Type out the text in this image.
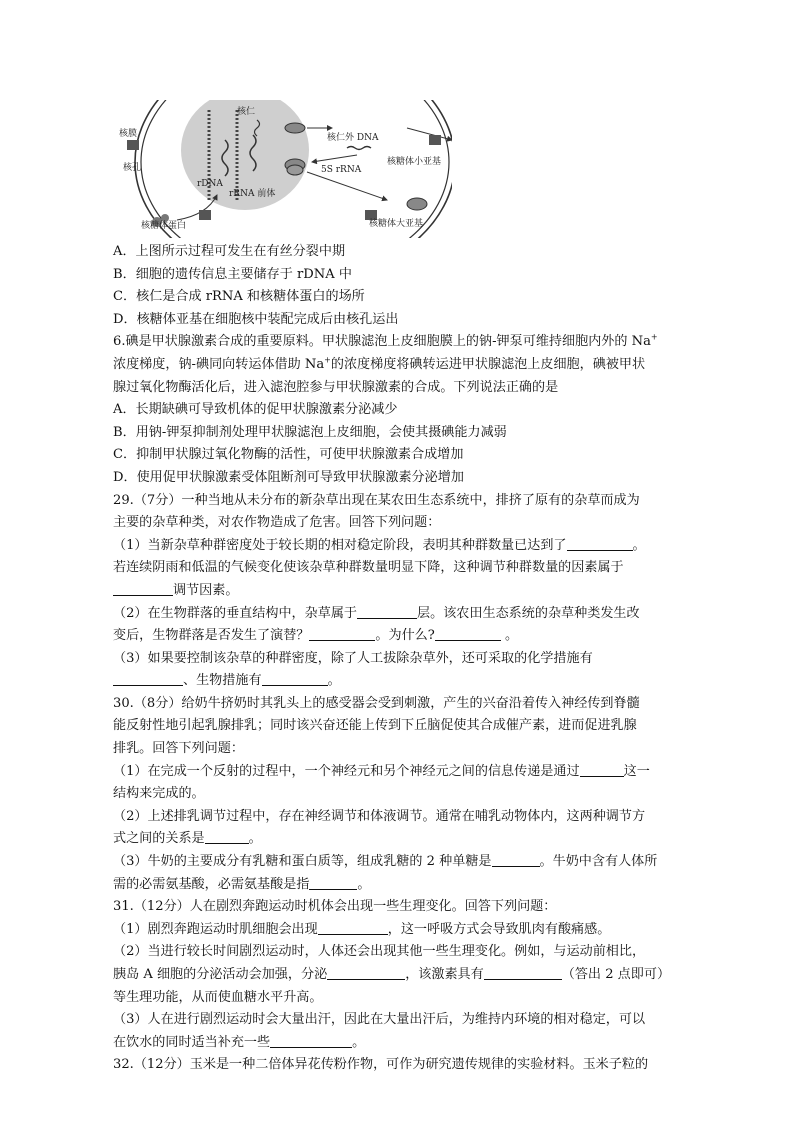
核仁
核膜
核孔
rDNA
rRNA 前体
核仁外 DNA
5S rRNA
核糖体小亚基
核糖体大亚基
核糖体蛋白
A．上图所示过程可发生在有丝分裂中期
B．细胞的遗传信息主要储存于 rDNA 中
C．核仁是合成 rRNA 和核糖体蛋白的场所
D．核糖体亚基在细胞核中装配完成后由核孔运出
6.碘是甲状腺激素合成的重要原料。甲状腺滤泡上皮细胞膜上的钠-钾泵可维持细胞内外的 Na+
浓度梯度，钠-碘同向转运体借助 Na+的浓度梯度将碘转运进甲状腺滤泡上皮细胞，碘被甲状
腺过氧化物酶活化后，进入滤泡腔参与甲状腺激素的合成。下列说法正确的是
A．长期缺碘可导致机体的促甲状腺激素分泌减少
B．用钠-钾泵抑制剂处理甲状腺滤泡上皮细胞，会使其摄碘能力减弱
C．抑制甲状腺过氧化物酶的活性，可使甲状腺激素合成增加
D．使用促甲状腺激素受体阻断剂可导致甲状腺激素分泌增加
29.（7分）一种当地从未分布的新杂草出现在某农田生态系统中，排挤了原有的杂草而成为
主要的杂草种类，对农作物造成了危害。回答下列问题：
（1）当新杂草种群密度处于较长期的相对稳定阶段，表明其种群数量已达到了	。
若连续阴雨和低温的气候变化使该杂草种群数量明显下降，这种调节种群数量的因素属于
调节因素。
（2）在生物群落的垂直结构中，杂草属于	层。该农田生态系统的杂草种类发生改
变后，生物群落是否发生了演替？	。为什么?	。
（3）如果要控制该杂草的种群密度，除了人工拔除杂草外，还可采取的化学措施有
、生物措施有	。
30.（8分）给奶牛挤奶时其乳头上的感受器会受到刺激，产生的兴奋沿着传入神经传到脊髓
能反射性地引起乳腺排乳；同时该兴奋还能上传到下丘脑促使其合成催产素，进而促进乳腺
排乳。回答下列问题：
（1）在完成一个反射的过程中，一个神经元和另个神经元之间的信息传递是通过	这一
结构来完成的。
（2）上述排乳调节过程中，存在神经调节和体液调节。通常在哺乳动物体内，这两种调节方
式之间的关系是	。
（3）牛奶的主要成分有乳糖和蛋白质等，组成乳糖的 2 种单糖是	。牛奶中含有人体所
需的必需氨基酸，必需氨基酸是指	。
31.（12分）人在剧烈奔跑运动时机体会出现一些生理变化。回答下列问题：
（1）剧烈奔跑运动时肌细胞会出现	，这一呼吸方式会导致肌肉有酸痛感。
（2）当进行较长时间剧烈运动时，人体还会出现其他一些生理变化。例如，与运动前相比，
胰岛 A 细胞的分泌活动会加强，分泌	，该激素具有	（答出 2 点即可）
等生理功能，从而使血糖水平升高。
（3）人在进行剧烈运动时会大量出汗，因此在大量出汗后，为维持内环境的相对稳定，可以
在饮水的同时适当补充一些	。
32.（12分）玉米是一种二倍体异花传粉作物，可作为研究遗传规律的实验材料。玉米子粒的
